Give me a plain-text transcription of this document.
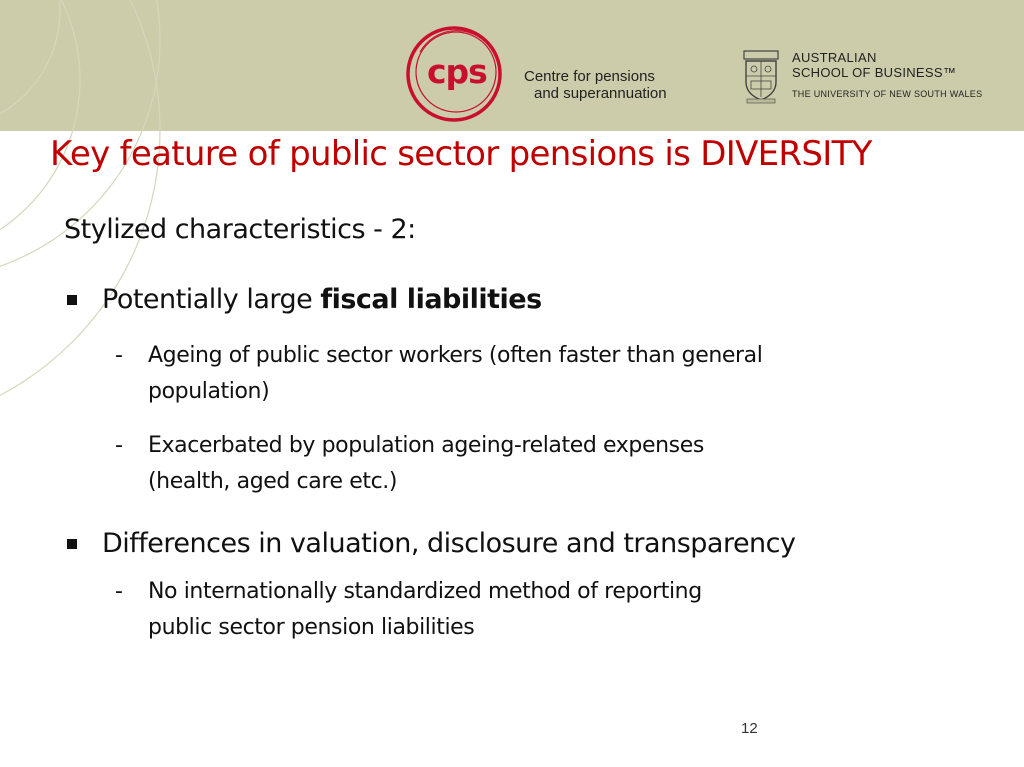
cps Centre for pensions
and superannuation
AUSTRALIAN
SCHOOL OF BUSINESS™
THE UNIVERSITY OF NEW SOUTH WALES
Key feature of public sector pensions is DIVERSITY
Stylized characteristics - 2:
Potentially large fiscal liabilities
- Ageing of public sector workers (often faster than general
population)
- Exacerbated by population ageing-related expenses
(health, aged care etc.)
Differences in valuation, disclosure and transparency
- No internationally standardized method of reporting
public sector pension liabilities
12
